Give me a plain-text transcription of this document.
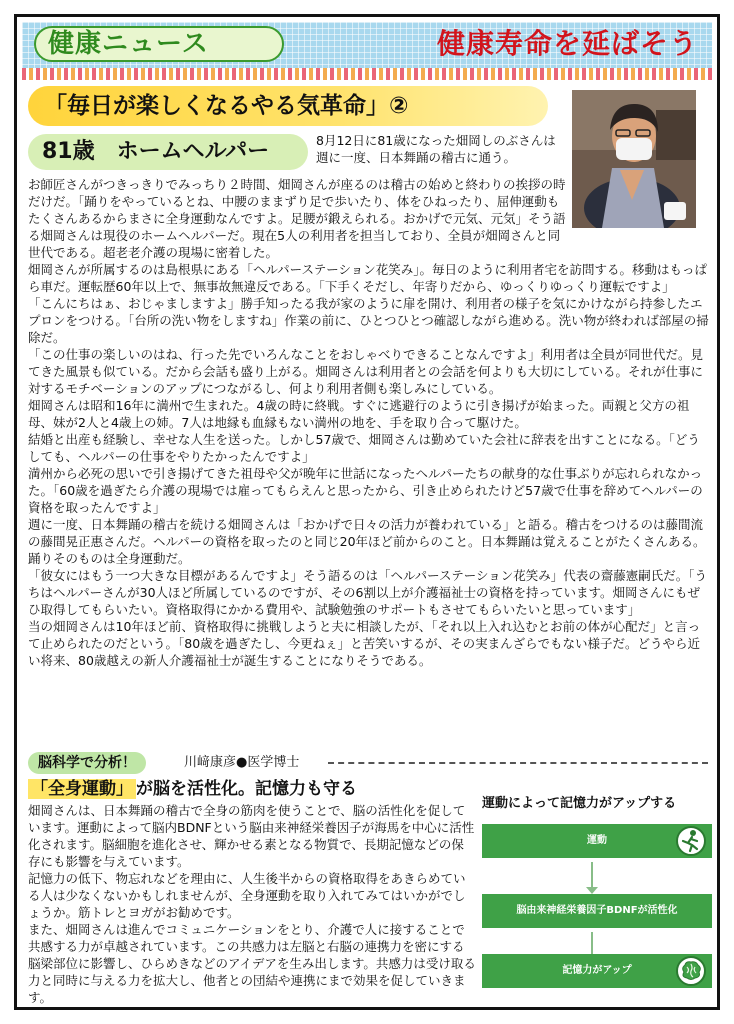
健康ニュース	健康寿命を延ばそう
「毎日が楽しくなるやる気革命」②
81歳　ホームヘルパー	8月12日に81歳になった畑岡しのぶさんは週に一度、日本舞踊の稽古に通う。

お師匠さんがつきっきりでみっちり２時間、畑岡さんが座るのは稽古の始めと終わりの挨拶の時だけだ。「踊りをやっているとね、中腰のままずり足で歩いたり、体をひねったり、屈伸運動もたくさんあるからまさに全身運動なんですよ。足腰が鍛えられる。おかげで元気、元気」そう語る畑岡さんは現役のホームヘルパーだ。現在5人の利用者を担当しており、全員が畑岡さんと同世代である。超老老介護の現場に密着した。

畑岡さんが所属するのは島根県にある「ヘルパーステーション花笑み」。毎日のように利用者宅を訪問する。移動はもっぱら車だ。運転歴60年以上で、無事故無違反である。「下手くそだし、年寄りだから、ゆっくりゆっくり運転ですよ」

「こんにちはぁ、おじゃましますよ」勝手知ったる我が家のように扉を開け、利用者の様子を気にかけながら持参したエプロンをつける。「台所の洗い物をしますね」作業の前に、ひとつひとつ確認しながら進める。洗い物が終われば部屋の掃除だ。

「この仕事の楽しいのはね、行った先でいろんなことをおしゃべりできることなんですよ」利用者は全員が同世代だ。見てきた風景も似ている。だから会話も盛り上がる。畑岡さんは利用者との会話を何よりも大切にしている。それが仕事に対するモチベーションのアップにつながるし、何より利用者側も楽しみにしている。

畑岡さんは昭和16年に満州で生まれた。4歳の時に終戦。すぐに逃避行のように引き揚げが始まった。両親と父方の祖母、妹が2人と4歳上の姉。7人は地縁も血縁もない満州の地を、手を取り合って駆けた。

結婚と出産も経験し、幸せな人生を送った。しかし57歳で、畑岡さんは勤めていた会社に辞表を出すことになる。「どうしても、ヘルパーの仕事をやりたかったんですよ」

満州から必死の思いで引き揚げてきた祖母や父が晩年に世話になったヘルパーたちの献身的な仕事ぶりが忘れられなかった。「60歳を過ぎたら介護の現場では雇ってもらえんと思ったから、引き止められたけど57歳で仕事を辞めてヘルパーの資格を取ったんですよ」

週に一度、日本舞踊の稽古を続ける畑岡さんは「おかげで日々の活力が養われている」と語る。稽古をつけるのは藤間流の藤間晃正惠さんだ。ヘルパーの資格を取ったのと同じ20年ほど前からのこと。日本舞踊は覚えることがたくさんある。踊りそのものは全身運動だ。

「彼女にはもう一つ大きな目標があるんですよ」そう語るのは「ヘルパーステーション花笑み」代表の齋藤憲嗣氏だ。「うちはヘルパーさんが30人ほど所属しているのですが、その6割以上が介護福祉士の資格を持っています。畑岡さんにもぜひ取得してもらいたい。資格取得にかかる費用や、試験勉強のサポートもさせてもらいたいと思っています」

当の畑岡さんは10年ほど前、資格取得に挑戦しようと夫に相談したが、「それ以上入れ込むとお前の体が心配だ」と言って止められたのだという。「80歳を過ぎたし、今更ねぇ」と苦笑いするが、その実まんざらでもない様子だ。どうやら近い将来、80歳越えの新人介護福祉士が誕生することになりそうである。

脳科学で分析！	川﨑康彦●医学博士
「全身運動」 が脳を活性化。記憶力も守る

畑岡さんは、日本舞踊の稽古で全身の筋肉を使うことで、脳の活性化を促しています。運動によって脳内BDNFという脳由来神経栄養因子が海馬を中心に活性化されます。脳細胞を進化させ、輝かせる素となる物質で、長期記憶などの保存にも影響を与えています。

記憶力の低下、物忘れなどを理由に、人生後半からの資格取得をあきらめている人は少なくないかもしれませんが、全身運動を取り入れてみてはいかがでしょうか。筋トレとヨガがお勧めです。

また、畑岡さんは進んでコミュニケーションをとり、介護で人に接することで共感する力が卓越されています。この共感力は左脳と右脳の連携力を密にする脳梁部位に影響し、ひらめきなどのアイデアを生み出します。共感力は受け取る力と同時に与える力を拡大し、他者との団結や連携にまで効果を促していきます。

運動によって記憶力がアップする
運動
脳由来神経栄養因子BDNFが活性化
記憶力がアップ
